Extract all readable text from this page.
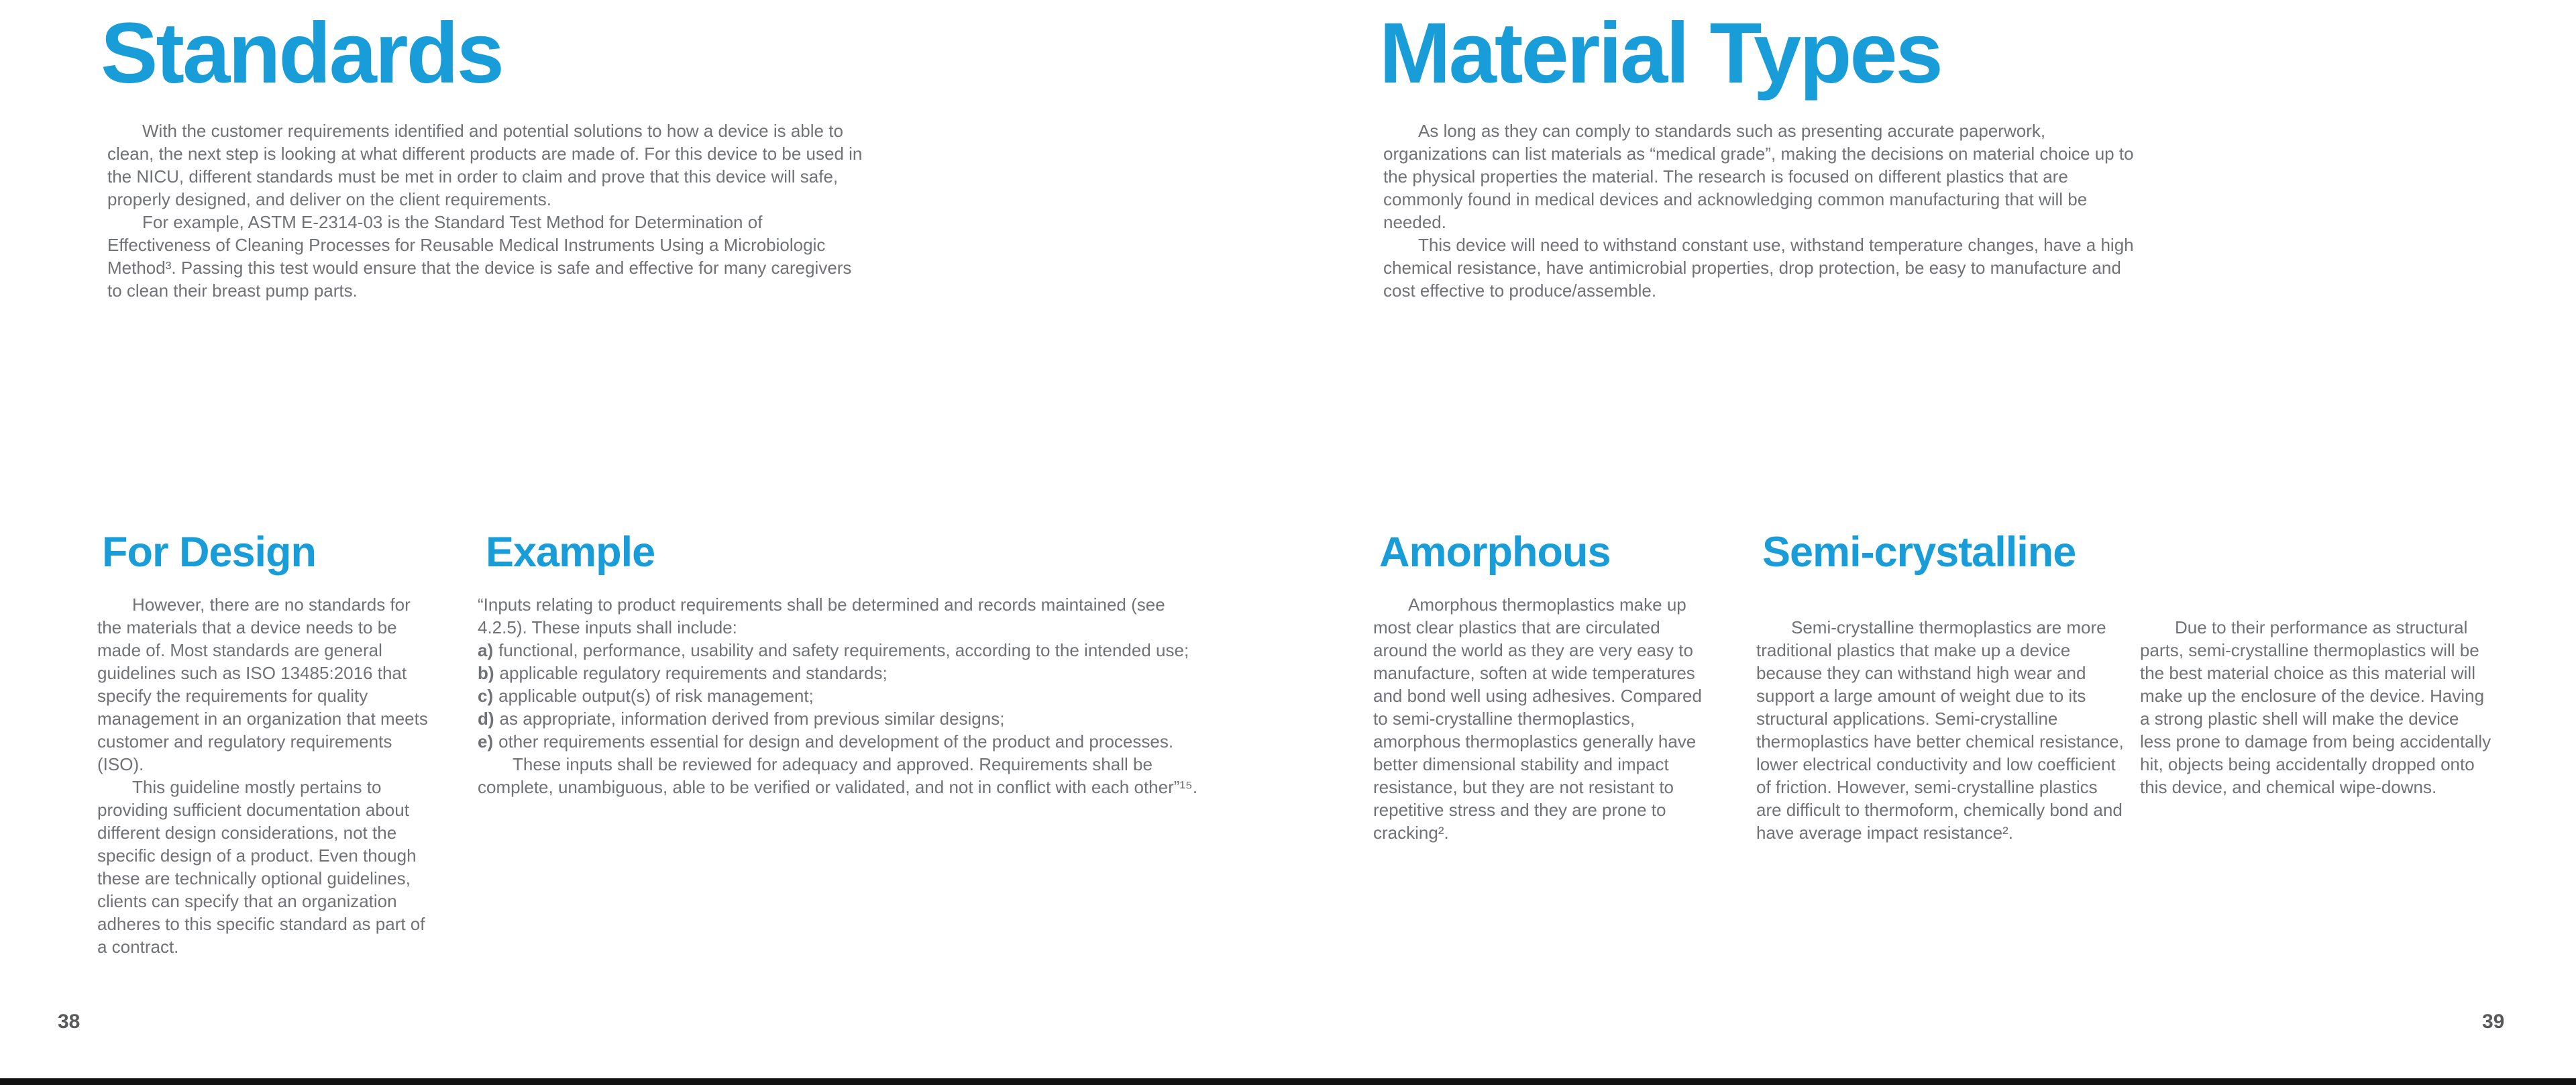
Standards

With the customer requirements identified and potential solutions to how a device is able to clean, the next step is looking at what different products are made of. For this device to be used in the NICU, different standards must be met in order to claim and prove that this device will safe, properly designed, and deliver on the client requirements.

For example, ASTM E-2314-03 is the Standard Test Method for Determination of Effectiveness of Cleaning Processes for Reusable Medical Instruments Using a Microbiologic Method³. Passing this test would ensure that the device is safe and effective for many caregivers to clean their breast pump parts.

For Design

However, there are no standards for the materials that a device needs to be made of. Most standards are general guidelines such as ISO 13485:2016 that specify the requirements for quality management in an organization that meets customer and regulatory requirements (ISO).

This guideline mostly pertains to providing sufficient documentation about different design considerations, not the specific design of a product. Even though these are technically optional guidelines, clients can specify that an organization adheres to this specific standard as part of a contract.

Example

“Inputs relating to product requirements shall be determined and records maintained (see 4.2.5). These inputs shall include:

a) functional, performance, usability and safety requirements, according to the intended use;

b) applicable regulatory requirements and standards;

c) applicable output(s) of risk management;

d) as appropriate, information derived from previous similar designs;

e) other requirements essential for design and development of the product and processes.

These inputs shall be reviewed for adequacy and approved. Requirements shall be complete, unambiguous, able to be verified or validated, and not in conflict with each other”¹⁵.

38
Material Types

As long as they can comply to standards such as presenting accurate paperwork, organizations can list materials as “medical grade”, making the decisions on material choice up to the physical properties the material. The research is focused on different plastics that are commonly found in medical devices and acknowledging common manufacturing that will be needed.

This device will need to withstand constant use, withstand temperature changes, have a high chemical resistance, have antimicrobial properties, drop protection, be easy to manufacture and cost effective to produce/assemble.

Amorphous

Amorphous thermoplastics make up most clear plastics that are circulated around the world as they are very easy to manufacture, soften at wide temperatures and bond well using adhesives. Compared to semi-crystalline thermoplastics, amorphous thermoplastics generally have better dimensional stability and impact resistance, but they are not resistant to repetitive stress and they are prone to cracking².

Semi-crystalline

Semi-crystalline thermoplastics are more traditional plastics that make up a device because they can withstand high wear and support a large amount of weight due to its structural applications. Semi-crystalline thermoplastics have better chemical resistance, lower electrical conductivity and low coefficient of friction. However, semi-crystalline plastics are difficult to thermoform, chemically bond and have average impact resistance².

Due to their performance as structural parts, semi-crystalline thermoplastics will be the best material choice as this material will make up the enclosure of the device. Having a strong plastic shell will make the device less prone to damage from being accidentally hit, objects being accidentally dropped onto this device, and chemical wipe-downs.

39
